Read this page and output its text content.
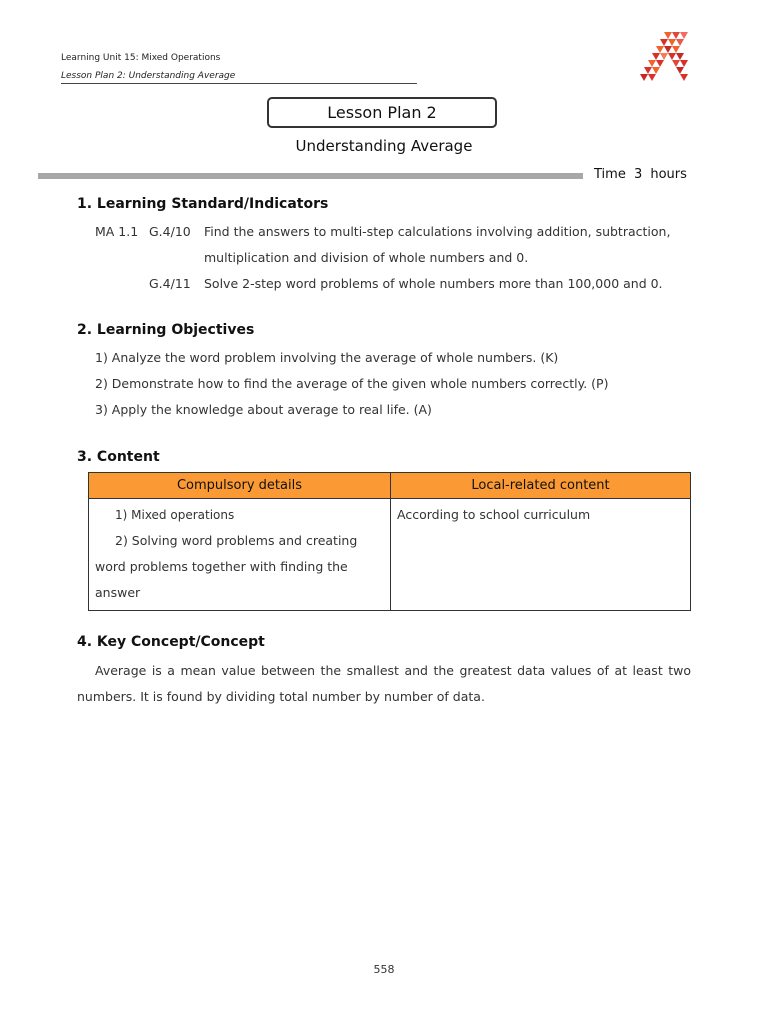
Learning Unit 15: Mixed Operations
Lesson Plan 2: Understanding Average
Lesson Plan 2
Understanding Average
Time 3 hours
1. Learning Standard/Indicators
MA 1.1 G.4/10 Find the answers to multi-step calculations involving addition, subtraction,
multiplication and division of whole numbers and 0.
G.4/11 Solve 2-step word problems of whole numbers more than 100,000 and 0.
2. Learning Objectives
1) Analyze the word problem involving the average of whole numbers. (K)
2) Demonstrate how to find the average of the given whole numbers correctly. (P)
3) Apply the knowledge about average to real life. (A)
3. Content
Compulsory details	Local-related content

1) Mixed operations
2) Solving word problems and creating
word problems together with finding the
answer	According to school curriculum
4. Key Concept/Concept
Average is a mean value between the smallest and the greatest data values of at least two numbers. It is found by dividing total number by number of data.
558
